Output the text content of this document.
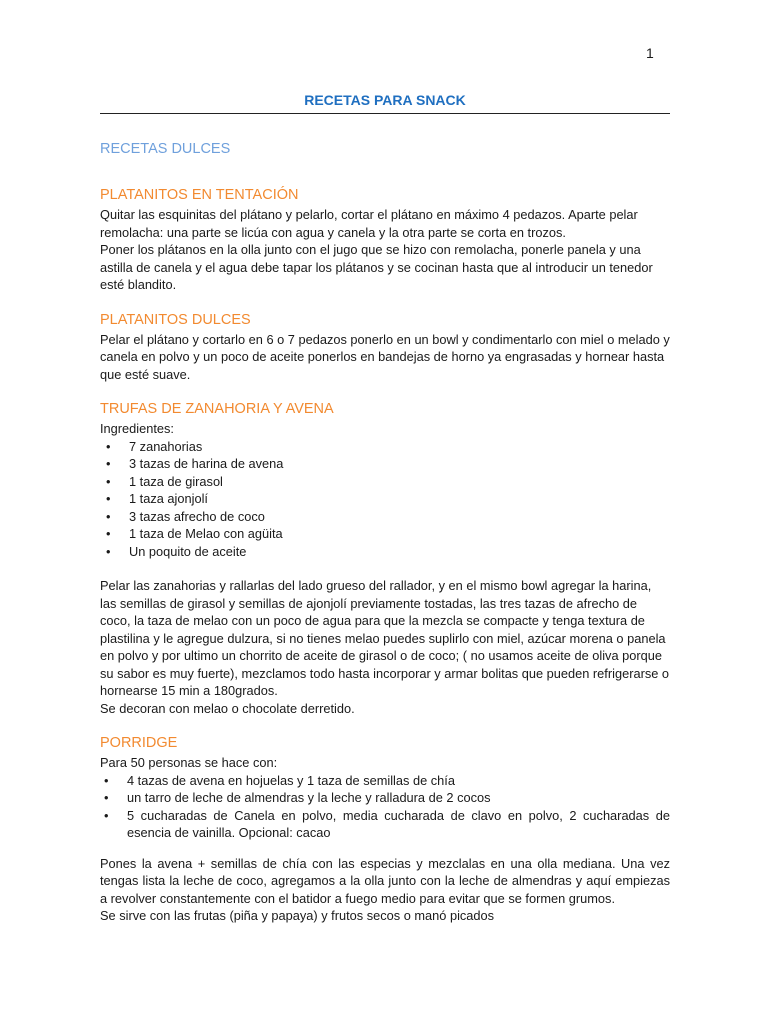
1
RECETAS PARA SNACK
RECETAS DULCES
PLATANITOS EN TENTACIÓN

Quitar las esquinitas del plátano y pelarlo, cortar el plátano en máximo 4 pedazos. Aparte pelar remolacha: una parte se licúa con agua y canela y la otra parte se corta en trozos.

Poner los plátanos en la olla junto con el jugo que se hizo con remolacha, ponerle panela y una astilla de canela y el agua debe tapar los plátanos y se cocinan hasta que al introducir un tenedor esté blandito.

PLATANITOS DULCES

Pelar el plátano y cortarlo en 6 o 7 pedazos ponerlo en un bowl y condimentarlo con miel o melado y canela en polvo y un poco de aceite ponerlos en bandejas de horno ya engrasadas y hornear hasta que esté suave.

TRUFAS DE ZANAHORIA Y AVENA

Ingredientes:

• 7 zanahorias
• 3 tazas de harina de avena
• 1 taza de girasol
• 1 taza ajonjolí
• 3 tazas afrecho de coco
• 1 taza de Melao con agüita
• Un poquito de aceite

Pelar las zanahorias y rallarlas del lado grueso del rallador, y en el mismo bowl agregar la harina, las semillas de girasol y semillas de ajonjolí previamente tostadas, las tres tazas de afrecho de coco, la taza de melao con un poco de agua para que la mezcla se compacte y tenga textura de plastilina y le agregue dulzura, si no tienes melao puedes suplirlo con miel, azúcar morena o panela en polvo y por ultimo un chorrito de aceite de girasol o de coco; ( no usamos aceite de oliva porque su sabor es muy fuerte), mezclamos todo hasta incorporar y armar bolitas que pueden refrigerarse o hornearse 15 min a 180grados.

Se decoran con melao o chocolate derretido.

PORRIDGE

Para 50 personas se hace con:

• 4 tazas de avena en hojuelas y 1 taza de semillas de chía
• un tarro de leche de almendras y la leche y ralladura de 2 cocos
• 5 cucharadas de Canela en polvo, media cucharada de clavo en polvo, 2 cucharadas de esencia de vainilla. Opcional: cacao

Pones la avena + semillas de chía con las especias y mezclalas en una olla mediana. Una vez tengas lista la leche de coco, agregamos a la olla junto con la leche de almendras y aquí empiezas a revolver constantemente con el batidor a fuego medio para evitar que se formen grumos.

Se sirve con las frutas (piña y papaya) y frutos secos o manó picados
